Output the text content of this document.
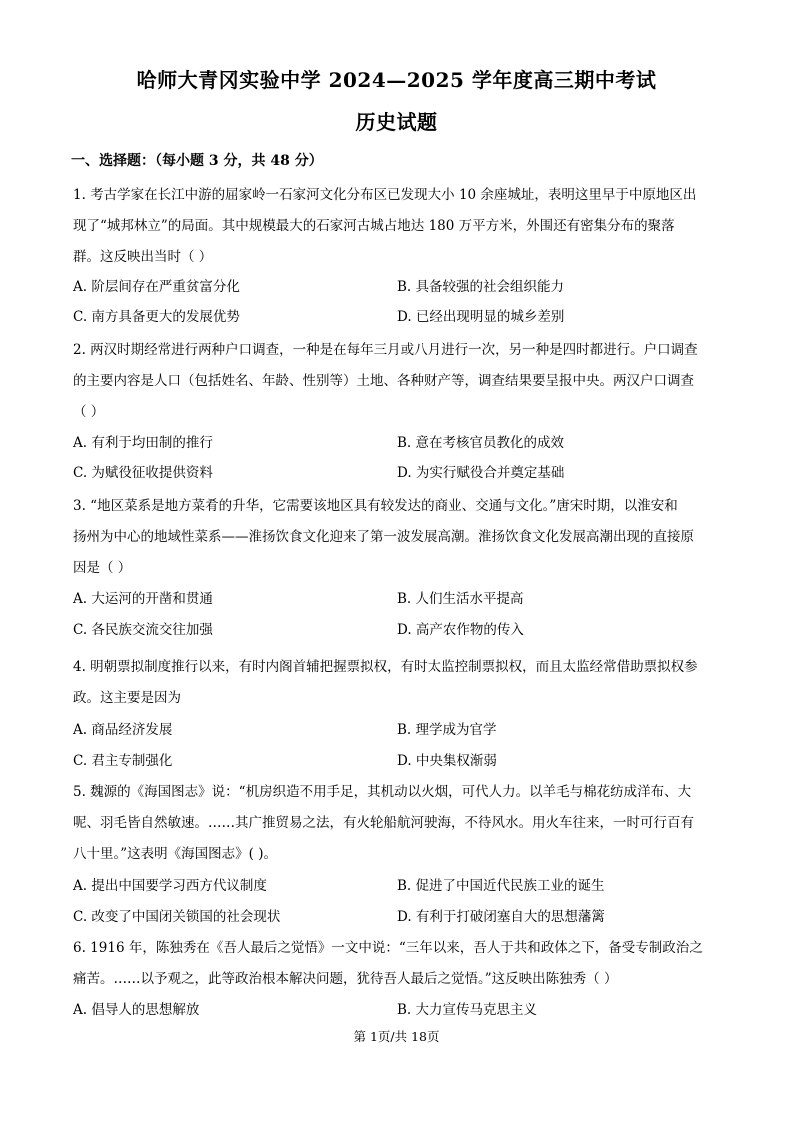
哈师大青冈实验中学 2024—2025 学年度高三期中考试
历史试题
一、选择题：（每小题 3 分，共 48 分）
1. 考古学家在长江中游的屈家岭一石家河文化分布区已发现大小 10 余座城址，表明这里早于中原地区出
现了“城邦林立”的局面。其中规模最大的石家河古城占地达 180 万平方米，外围还有密集分布的聚落
群。这反映出当时（ ）
A. 阶层间存在严重贫富分化	B. 具备较强的社会组织能力
C. 南方具备更大的发展优势	D. 已经出现明显的城乡差别
2. 两汉时期经常进行两种户口调查，一种是在每年三月或八月进行一次，另一种是四时都进行。户口调查
的主要内容是人口（包括姓名、年龄、性别等）土地、各种财产等，调查结果要呈报中央。两汉户口调查
（ ）
A. 有利于均田制的推行	B. 意在考核官员教化的成效
C. 为赋役征收提供资料	D. 为实行赋役合并奠定基础
3. “地区菜系是地方菜肴的升华，它需要该地区具有较发达的商业、交通与文化。”唐宋时期，以淮安和
扬州为中心的地域性菜系——淮扬饮食文化迎来了第一波发展高潮。淮扬饮食文化发展高潮出现的直接原
因是（ ）
A. 大运河的开凿和贯通	B. 人们生活水平提高
C. 各民族交流交往加强	D. 高产农作物的传入
4. 明朝票拟制度推行以来，有时内阁首辅把握票拟权，有时太监控制票拟权，而且太监经常借助票拟权参
政。这主要是因为
A. 商品经济发展	B. 理学成为官学
C. 君主专制强化	D. 中央集权渐弱
5. 魏源的《海国图志》说：“机房织造不用手足，其机动以火烟，可代人力。以羊毛与棉花纺成洋布、大
呢、羽毛皆自然敏速。……其广推贸易之法，有火轮船航河驶海，不待风水。用火车往来，一时可行百有
八十里。”这表明《海国图志》( )。
A. 提出中国要学习西方代议制度	B. 促进了中国近代民族工业的诞生
C. 改变了中国闭关锁国的社会现状	D. 有利于打破闭塞自大的思想藩篱
6. 1916 年，陈独秀在《吾人最后之觉悟》一文中说：“三年以来，吾人于共和政体之下，备受专制政治之
痛苦。……以予观之，此等政治根本解决问题，犹待吾人最后之觉悟。”这反映出陈独秀（ ）
A. 倡导人的思想解放	B. 大力宣传马克思主义
第 1页/共 18页
